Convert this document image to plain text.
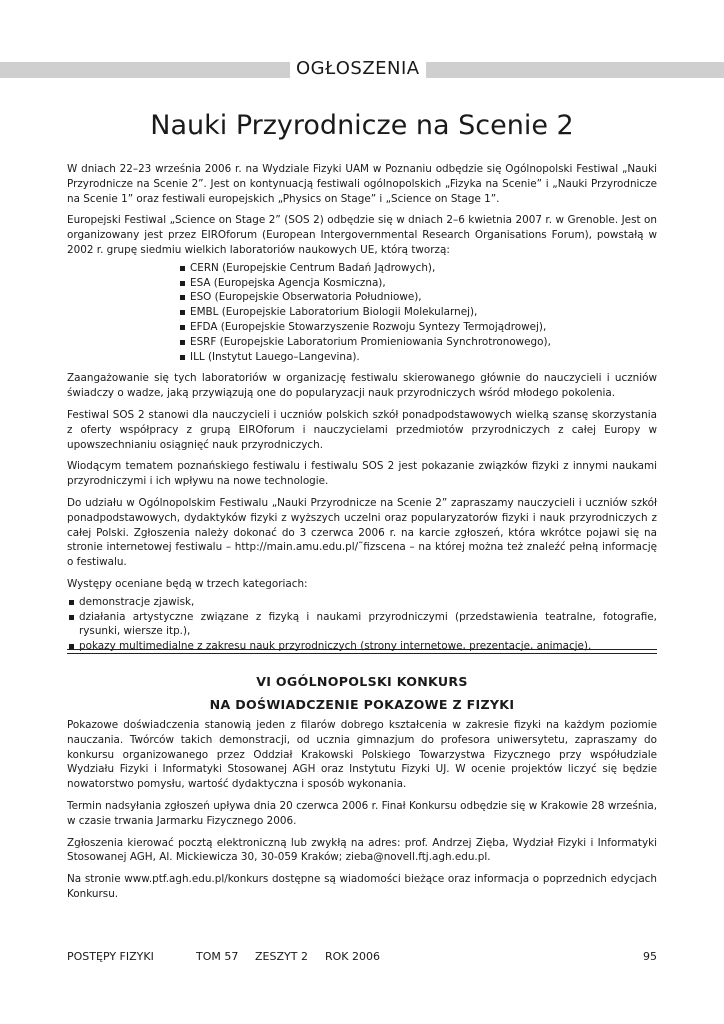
OGŁOSZENIA
Nauki Przyrodnicze na Scenie 2

W dniach 22–23 września 2006 r. na Wydziale Fizyki UAM w Poznaniu odbędzie się Ogólnopolski Festiwal „Nauki Przyrodnicze na Scenie 2”. Jest on kontynuacją festiwali ogólnopolskich „Fizyka na Scenie” i „Nauki Przyrodnicze na Scenie 1” oraz festiwali europejskich „Physics on Stage” i „Science on Stage 1”.

Europejski Festiwal „Science on Stage 2” (SOS 2) odbędzie się w dniach 2–6 kwietnia 2007 r. w Grenoble. Jest on organizowany jest przez EIROforum (European Intergovernmental Research Organisations Forum), powstałą w 2002 r. grupę siedmiu wielkich laboratoriów naukowych UE, którą tworzą:

CERN (Europejskie Centrum Badań Jądrowych),
ESA (Europejska Agencja Kosmiczna),
ESO (Europejskie Obserwatoria Południowe),
EMBL (Europejskie Laboratorium Biologii Molekularnej),
EFDA (Europejskie Stowarzyszenie Rozwoju Syntezy Termojądrowej),
ESRF (Europejskie Laboratorium Promieniowania Synchrotronowego),
ILL (Instytut Lauego–Langevina).

Zaangażowanie się tych laboratoriów w organizację festiwalu skierowanego głównie do nauczycieli i uczniów świadczy o wadze, jaką przywiązują one do popularyzacji nauk przyrodniczych wśród młodego pokolenia.

Festiwal SOS 2 stanowi dla nauczycieli i uczniów polskich szkół ponadpodstawowych wielką szansę skorzystania z oferty współpracy z grupą EIROforum i nauczycielami przedmiotów przyrodniczych z całej Europy w upowszechnianiu osiągnięć nauk przyrodniczych.

Wiodącym tematem poznańskiego festiwalu i festiwalu SOS 2 jest pokazanie związków fizyki z innymi naukami przyrodniczymi i ich wpływu na nowe technologie.

Do udziału w Ogólnopolskim Festiwalu „Nauki Przyrodnicze na Scenie 2” zapraszamy nauczycieli i uczniów szkół ponadpodstawowych, dydaktyków fizyki z wyższych uczelni oraz popularyzatorów fizyki i nauk przyrodniczych z całej Polski. Zgłoszenia należy dokonać do 3 czerwca 2006 r. na karcie zgłoszeń, która wkrótce pojawi się na stronie internetowej festiwalu – http://main.amu.edu.pl/˜fizscena – na której można też znaleźć pełną informację o festiwalu.

Występy oceniane będą w trzech kategoriach:

demonstracje zjawisk,
działania artystyczne związane z fizyką i naukami przyrodniczymi (przedstawienia teatralne, fotografie, rysunki, wiersze itp.),
pokazy multimedialne z zakresu nauk przyrodniczych (strony internetowe, prezentacje, animacje).
VI OGÓLNOPOLSKI KONKURS
NA DOŚWIADCZENIE POKAZOWE Z FIZYKI

Pokazowe doświadczenia stanowią jeden z filarów dobrego kształcenia w zakresie fizyki na każdym poziomie nauczania. Twórców takich demonstracji, od ucznia gimnazjum do profesora uniwersytetu, zapraszamy do konkursu organizowanego przez Oddział Krakowski Polskiego Towarzystwa Fizycznego przy współudziale Wydziału Fizyki i Informatyki Stosowanej AGH oraz Instytutu Fizyki UJ. W ocenie projektów liczyć się będzie nowatorstwo pomysłu, wartość dydaktyczna i sposób wykonania.

Termin nadsyłania zgłoszeń upływa dnia 20 czerwca 2006 r. Finał Konkursu odbędzie się w Krakowie 28 września, w czasie trwania Jarmarku Fizycznego 2006.

Zgłoszenia kierować pocztą elektroniczną lub zwykłą na adres: prof. Andrzej Zięba, Wydział Fizyki i Informatyki Stosowanej AGH, Al. Mickiewicza 30, 30-059 Kraków; zieba@novell.ftj.agh.edu.pl.

Na stronie www.ptf.agh.edu.pl/konkurs dostępne są wiadomości bieżące oraz informacja o poprzednich edycjach Konkursu.

POSTĘPY FIZYKI	TOM 57 ZESZYT 2 ROK 2006	95
